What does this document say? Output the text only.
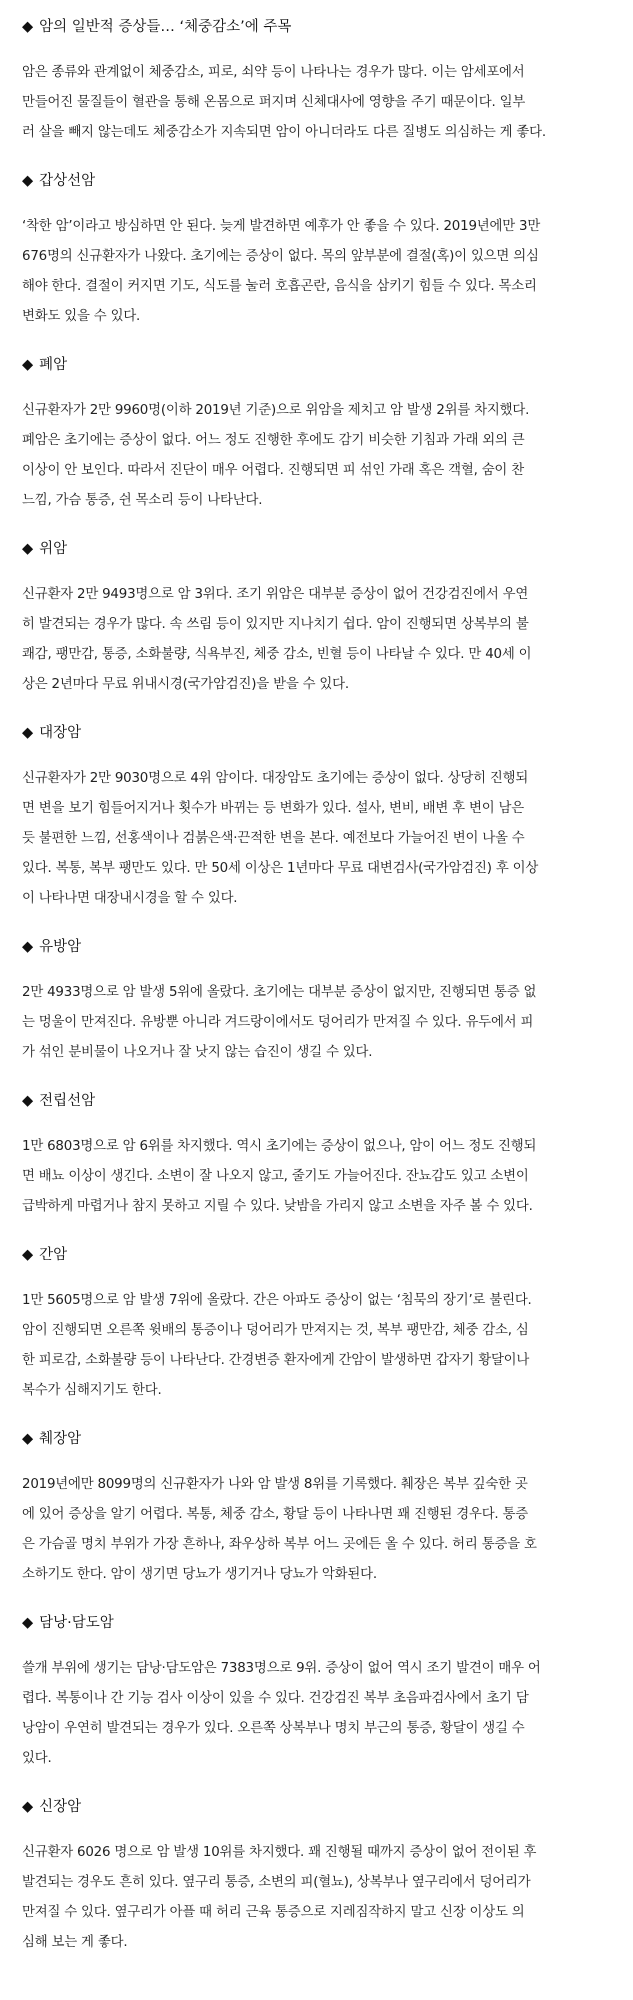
◆ 암의 일반적 증상들… ‘체중감소’에 주목
암은 종류와 관계없이 체중감소, 피로, 쇠약 등이 나타나는 경우가 많다. 이는 암세포에서
만들어진 물질들이 혈관을 통해 온몸으로 퍼지며 신체대사에 영향을 주기 때문이다. 일부
러 살을 빼지 않는데도 체중감소가 지속되면 암이 아니더라도 다른 질병도 의심하는 게 좋다.
◆ 갑상선암
‘착한 암’이라고 방심하면 안 된다. 늦게 발견하면 예후가 안 좋을 수 있다. 2019년에만 3만
676명의 신규환자가 나왔다. 초기에는 증상이 없다. 목의 앞부분에 결절(혹)이 있으면 의심
해야 한다. 결절이 커지면 기도, 식도를 눌러 호흡곤란, 음식을 삼키기 힘들 수 있다. 목소리
변화도 있을 수 있다.
◆ 폐암
신규환자가 2만 9960명(이하 2019년 기준)으로 위암을 제치고 암 발생 2위를 차지했다.
폐암은 초기에는 증상이 없다. 어느 정도 진행한 후에도 감기 비슷한 기침과 가래 외의 큰
이상이 안 보인다. 따라서 진단이 매우 어렵다. 진행되면 피 섞인 가래 혹은 객혈, 숨이 찬
느낌, 가슴 통증, 쉰 목소리 등이 나타난다.
◆ 위암
신규환자 2만 9493명으로 암 3위다. 조기 위암은 대부분 증상이 없어 건강검진에서 우연
히 발견되는 경우가 많다. 속 쓰림 등이 있지만 지나치기 쉽다. 암이 진행되면 상복부의 불
쾌감, 팽만감, 통증, 소화불량, 식욕부진, 체중 감소, 빈혈 등이 나타날 수 있다. 만 40세 이
상은 2년마다 무료 위내시경(국가암검진)을 받을 수 있다.
◆ 대장암
신규환자가 2만 9030명으로 4위 암이다. 대장암도 초기에는 증상이 없다. 상당히 진행되
면 변을 보기 힘들어지거나 횟수가 바뀌는 등 변화가 있다. 설사, 변비, 배변 후 변이 남은
듯 불편한 느낌, 선홍색이나 검붉은색·끈적한 변을 본다. 예전보다 가늘어진 변이 나올 수
있다. 복통, 복부 팽만도 있다. 만 50세 이상은 1년마다 무료 대변검사(국가암검진) 후 이상
이 나타나면 대장내시경을 할 수 있다.
◆ 유방암
2만 4933명으로 암 발생 5위에 올랐다. 초기에는 대부분 증상이 없지만, 진행되면 통증 없
는 멍울이 만져진다. 유방뿐 아니라 겨드랑이에서도 덩어리가 만져질 수 있다. 유두에서 피
가 섞인 분비물이 나오거나 잘 낫지 않는 습진이 생길 수 있다.
◆ 전립선암
1만 6803명으로 암 6위를 차지했다. 역시 초기에는 증상이 없으나, 암이 어느 정도 진행되
면 배뇨 이상이 생긴다. 소변이 잘 나오지 않고, 줄기도 가늘어진다. 잔뇨감도 있고 소변이
급박하게 마렵거나 참지 못하고 지릴 수 있다. 낮밤을 가리지 않고 소변을 자주 볼 수 있다.
◆ 간암
1만 5605명으로 암 발생 7위에 올랐다. 간은 아파도 증상이 없는 ‘침묵의 장기’로 불린다.
암이 진행되면 오른쪽 윗배의 통증이나 덩어리가 만져지는 것, 복부 팽만감, 체중 감소, 심
한 피로감, 소화불량 등이 나타난다. 간경변증 환자에게 간암이 발생하면 갑자기 황달이나
복수가 심해지기도 한다.
◆ 췌장암
2019년에만 8099명의 신규환자가 나와 암 발생 8위를 기록했다. 췌장은 복부 깊숙한 곳
에 있어 증상을 알기 어렵다. 복통, 체중 감소, 황달 등이 나타나면 꽤 진행된 경우다. 통증
은 가슴골 명치 부위가 가장 흔하나, 좌우상하 복부 어느 곳에든 올 수 있다. 허리 통증을 호
소하기도 한다. 암이 생기면 당뇨가 생기거나 당뇨가 악화된다.
◆ 담낭·담도암
쓸개 부위에 생기는 담낭·담도암은 7383명으로 9위. 증상이 없어 역시 조기 발견이 매우 어
렵다. 복통이나 간 기능 검사 이상이 있을 수 있다. 건강검진 복부 초음파검사에서 초기 담
낭암이 우연히 발견되는 경우가 있다. 오른쪽 상복부나 명치 부근의 통증, 황달이 생길 수
있다.
◆ 신장암
신규환자 6026 명으로 암 발생 10위를 차지했다. 꽤 진행될 때까지 증상이 없어 전이된 후
발견되는 경우도 흔히 있다. 옆구리 통증, 소변의 피(혈뇨), 상복부나 옆구리에서 덩어리가
만져질 수 있다. 옆구리가 아플 때 허리 근육 통증으로 지레짐작하지 말고 신장 이상도 의
심해 보는 게 좋다.
